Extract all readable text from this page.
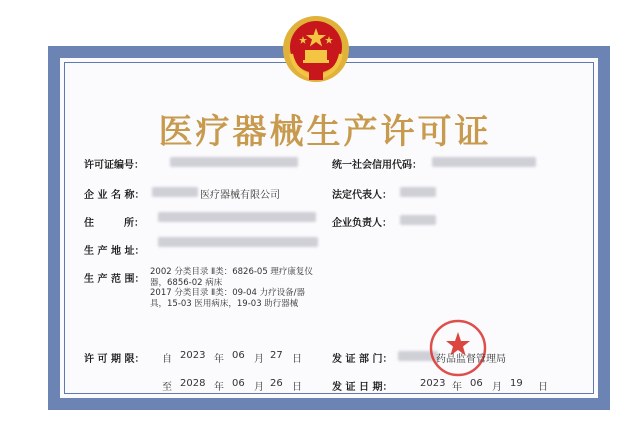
医疗器械生产许可证
许可证编号：	统一社会信用代码：
企 业 名 称：	医疗器械有限公司	法定代表人：
住　　　所：	企业负责人：
生 产 地 址：
生 产 范 围：
2002 分类目录 Ⅱ类：6826-05 理疗康复仪
器，6856-02 病床
2017 分类目录 Ⅱ类：09-04 力疗设备/器
具，15-03 医用病床，19-03 助行器械
许 可 期 限： 自 2023 年 06 月 27 日	发 证 部 门：	药品监督管理局
至 2028 年 06 月 26 日	发 证 日 期：	2023 年 06 月 19 日
